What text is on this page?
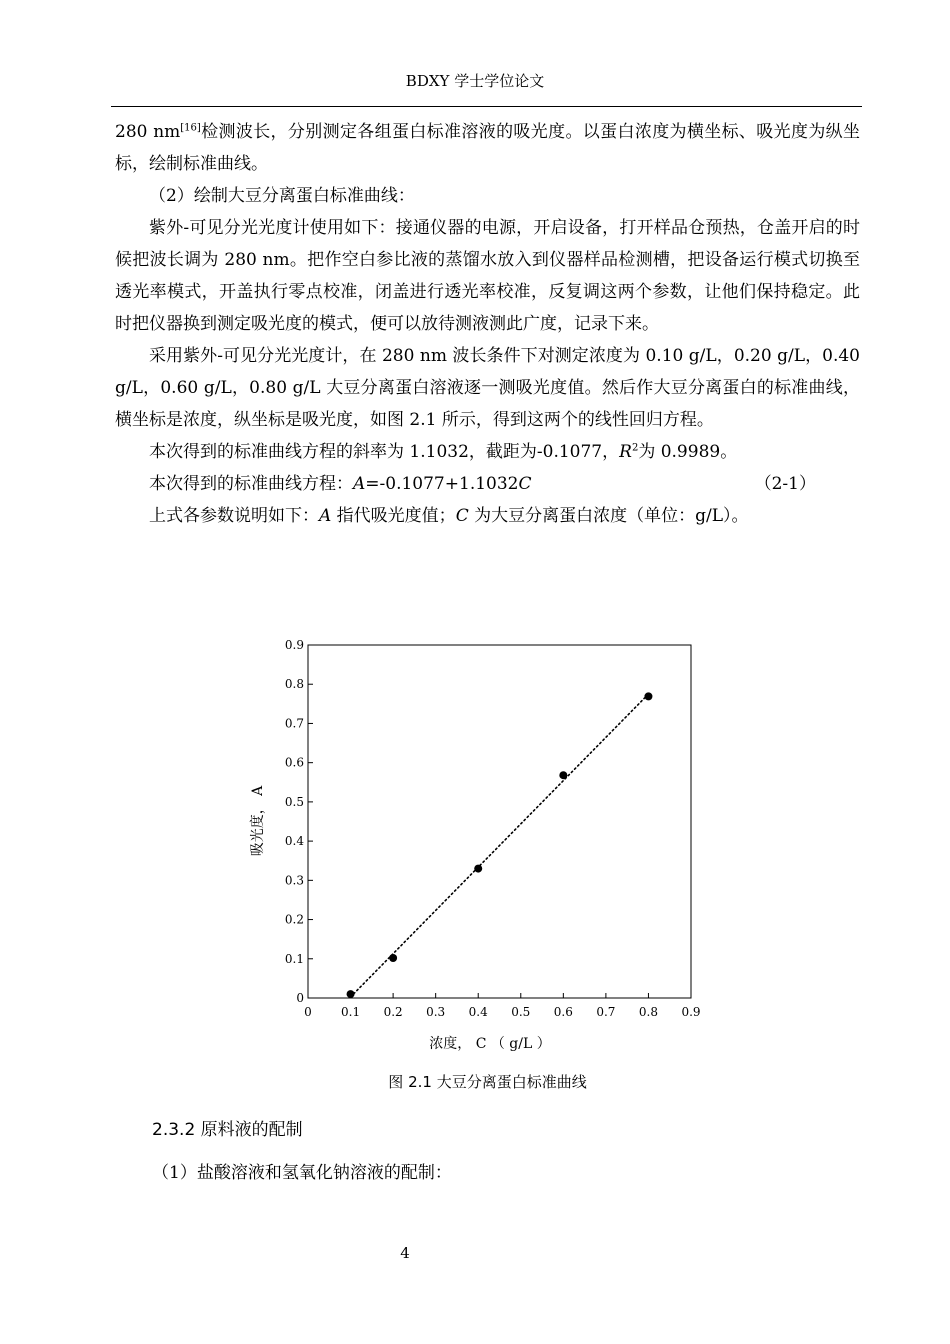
BDXY 学士学位论文

280 nm[16]检测波长，分别测定各组蛋白标准溶液的吸光度。以蛋白浓度为横坐标、吸光度为纵坐标，绘制标准曲线。

（2）绘制大豆分离蛋白标准曲线：

紫外-可见分光光度计使用如下：接通仪器的电源，开启设备，打开样品仓预热，仓盖开启的时候把波长调为 280 nm。把作空白参比液的蒸馏水放入到仪器样品检测槽，把设备运行模式切换至透光率模式，开盖执行零点校准，闭盖进行透光率校准，反复调这两个参数，让他们保持稳定。此时把仪器换到测定吸光度的模式，便可以放待测液测此广度，记录下来。

采用紫外-可见分光光度计，在 280 nm 波长条件下对测定浓度为 0.10 g/L，0.20 g/L，0.40 g/L，0.60 g/L，0.80 g/L 大豆分离蛋白溶液逐一测吸光度值。然后作大豆分离蛋白的标准曲线，横坐标是浓度，纵坐标是吸光度，如图 2.1 所示，得到这两个的线性回归方程。

本次得到的标准曲线方程的斜率为 1.1032，截距为-0.1077，$R^2$为 0.9989。

本次得到的标准曲线方程：A=-0.1077+1.1032C	（2-1）

上式各参数说明如下：A 指代吸光度值；C 为大豆分离蛋白浓度（单位：g/L）。

0
0.1
0.2
0.3
0.4
0.5
0.6
0.7
0.8
0.9
0 0.1 0.2 0.3 0.4 0.5 0.6 0.7 0.8 0.9
浓度， C （ g/L ）
吸光度， A
图 2.1 大豆分离蛋白标准曲线
2.3.2 原料液的配制
（1）盐酸溶液和氢氧化钠溶液的配制：
4
